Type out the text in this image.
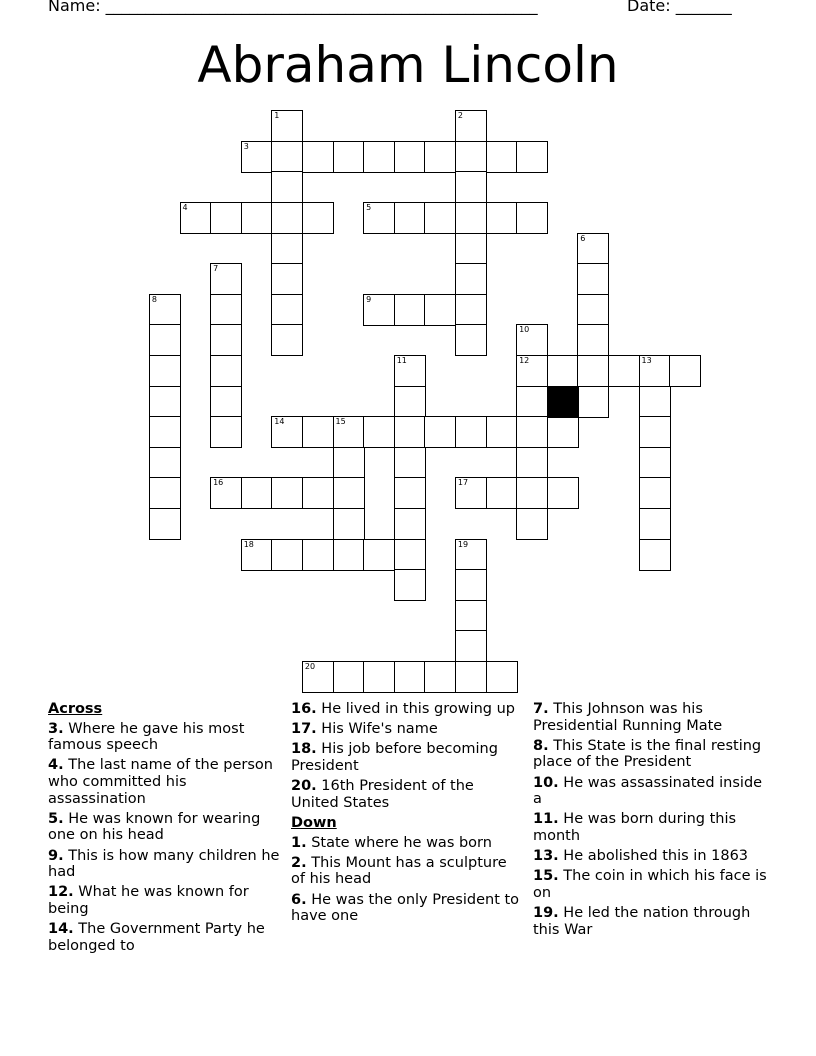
Name: ______________________________________________________	Date: _______
Abraham Lincoln
1	2
3
4	5
6
7
8	9
10
11	12	13
14	15
16	17
18	19
20
Across
3. Where he gave his most famous speech
4. The last name of the person who committed his assassination
5. He was known for wearing one on his head
9. This is how many children he had
12. What he was known for being
14. The Government Party he belonged to
16. He lived in this growing up
17. His Wife's name
18. His job before becoming President
20. 16th President of the United States
Down
1. State where he was born
2. This Mount has a sculpture of his head
6. He was the only President to have one
7. This Johnson was his Presidential Running Mate
8. This State is the final resting place of the President
10. He was assassinated inside a
11. He was born during this month
13. He abolished this in 1863
15. The coin in which his face is on
19. He led the nation through this War
